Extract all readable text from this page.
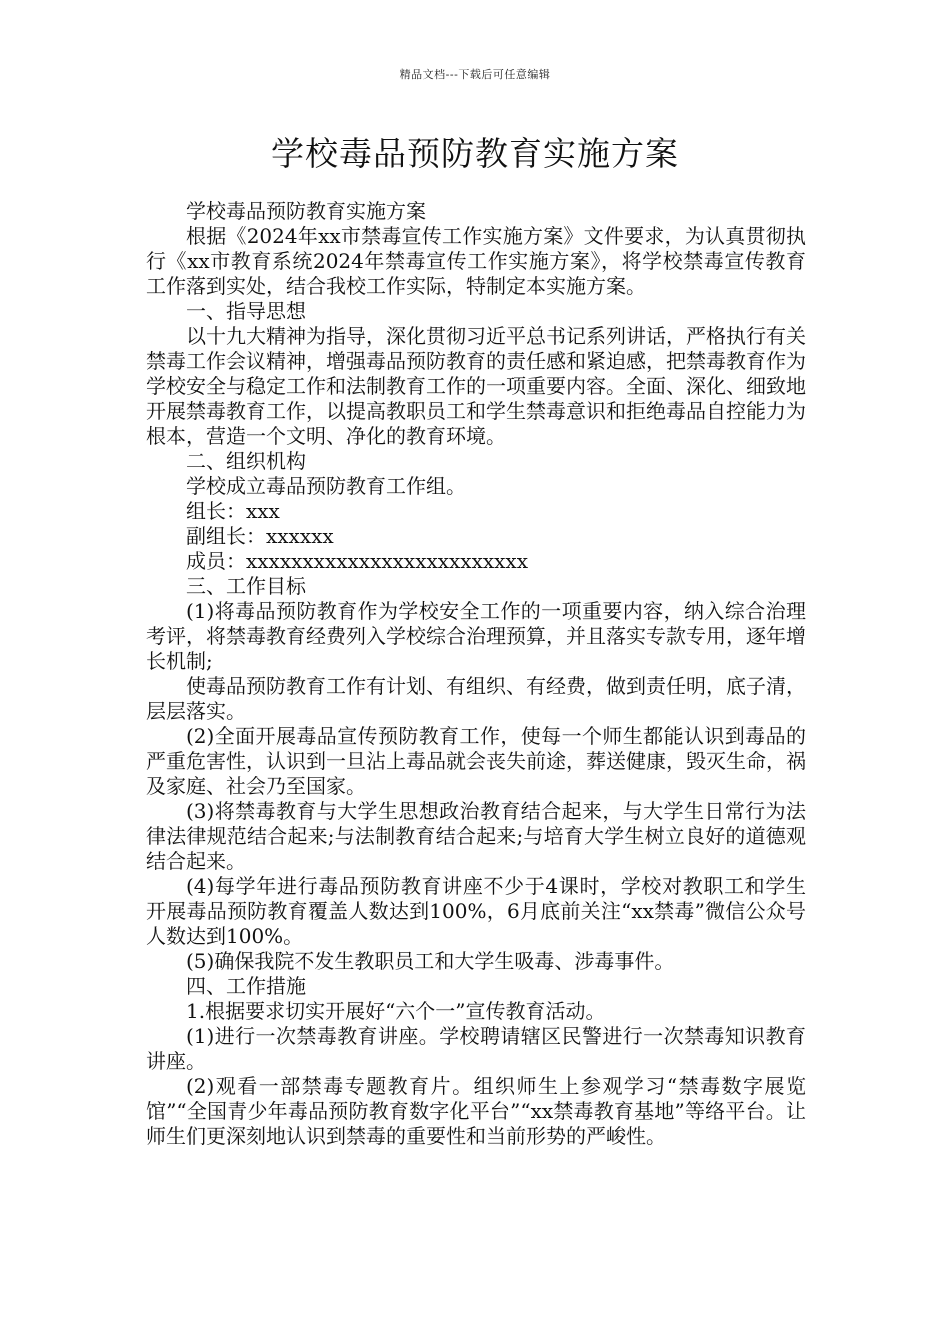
精品文档---下载后可任意编辑
学校毒品预防教育实施方案

学校毒品预防教育实施方案

根据《2024年xx市禁毒宣传工作实施方案》文件要求，为认真贯彻执行《xx市教育系统2024年禁毒宣传工作实施方案》，将学校禁毒宣传教育工作落到实处，结合我校工作实际，特制定本实施方案。

一、指导思想

以十九大精神为指导，深化贯彻习近平总书记系列讲话，严格执行有关禁毒工作会议精神，增强毒品预防教育的责任感和紧迫感，把禁毒教育作为学校安全与稳定工作和法制教育工作的一项重要内容。全面、深化、细致地开展禁毒教育工作，以提高教职员工和学生禁毒意识和拒绝毒品自控能力为根本，营造一个文明、净化的教育环境。

二、组织机构

学校成立毒品预防教育工作组。

组长：xxx

副组长：xxxxxx

成员：xxxxxxxxxxxxxxxxxxxxxxxxx

三、工作目标

(1)将毒品预防教育作为学校安全工作的一项重要内容，纳入综合治理考评，将禁毒教育经费列入学校综合治理预算，并且落实专款专用，逐年增长机制;

使毒品预防教育工作有计划、有组织、有经费，做到责任明，底子清，层层落实。

(2)全面开展毒品宣传预防教育工作，使每一个师生都能认识到毒品的严重危害性，认识到一旦沾上毒品就会丧失前途，葬送健康，毁灭生命，祸及家庭、社会乃至国家。

(3)将禁毒教育与大学生思想政治教育结合起来，与大学生日常行为法律法律规范结合起来;与法制教育结合起来;与培育大学生树立良好的道德观结合起来。

(4)每学年进行毒品预防教育讲座不少于4课时，学校对教职工和学生开展毒品预防教育覆盖人数达到100%，6月底前关注“xx禁毒”微信公众号人数达到100%。

(5)确保我院不发生教职员工和大学生吸毒、涉毒事件。

四、工作措施

1.根据要求切实开展好“六个一”宣传教育活动。

(1)进行一次禁毒教育讲座。学校聘请辖区民警进行一次禁毒知识教育讲座。

(2)观看一部禁毒专题教育片。组织师生上参观学习“禁毒数字展览馆”“全国青少年毒品预防教育数字化平台”“xx禁毒教育基地”等络平台。让师生们更深刻地认识到禁毒的重要性和当前形势的严峻性。
